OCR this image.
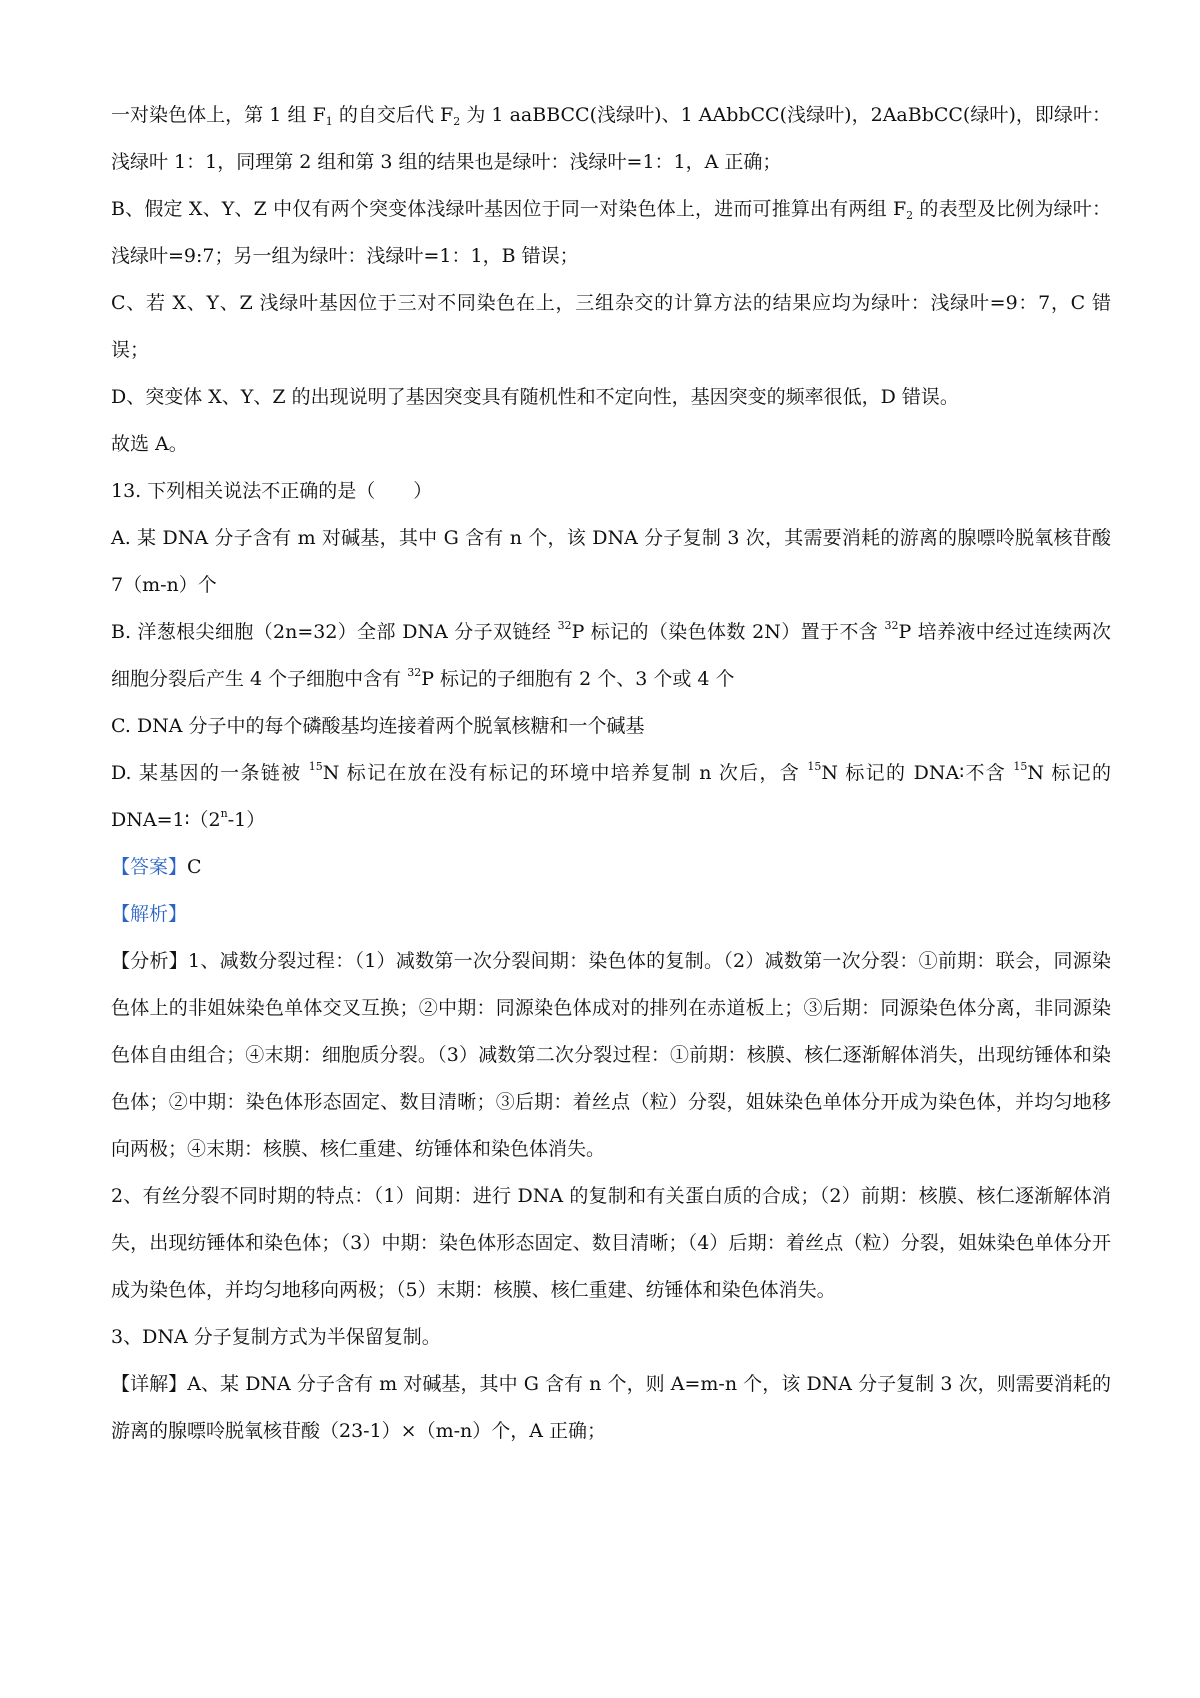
一对染色体上，第 1 组 $F_1$ 的自交后代 $F_2$ 为 1 aaBBCC(浅绿叶)、1 AAbbCC(浅绿叶)，2AaBbCC(绿叶)，即绿叶：浅绿叶 1：1，同理第 2 组和第 3 组的结果也是绿叶：浅绿叶=1：1，A 正确；

B、假定 X、Y、Z 中仅有两个突变体浅绿叶基因位于同一对染色体上，进而可推算出有两组 $F_2$ 的表型及比例为绿叶：浅绿叶=9:7；另一组为绿叶：浅绿叶=1：1，B 错误；

C、若 X、Y、Z 浅绿叶基因位于三对不同染色在上，三组杂交的计算方法的结果应均为绿叶：浅绿叶=9：7，C 错误；

D、突变体 X、Y、Z 的出现说明了基因突变具有随机性和不定向性，基因突变的频率很低，D 错误。

故选 A。

13. 下列相关说法不正确的是（　　）

A. 某 DNA 分子含有 m 对碱基，其中 G 含有 n 个，该 DNA 分子复制 3 次，其需要消耗的游离的腺嘌呤脱氧核苷酸 7（m-n）个

B. 洋葱根尖细胞（2n=32）全部 DNA 分子双链经 $^{32}$P 标记的（染色体数 2N）置于不含 $^{32}$P 培养液中经过连续两次细胞分裂后产生 4 个子细胞中含有 $^{32}$P 标记的子细胞有 2 个、3 个或 4 个

C. DNA 分子中的每个磷酸基均连接着两个脱氧核糖和一个碱基

D. 某基因的一条链被 $^{15}$N 标记在放在没有标记的环境中培养复制 n 次后，含 $^{15}$N 标记的 DNA∶不含 $^{15}$N 标记的 $DNA=1∶(2^n-1)$

【答案】C

【解析】

【分析】1、减数分裂过程：（1）减数第一次分裂间期：染色体的复制。（2）减数第一次分裂：①前期：联会，同源染色体上的非姐妹染色单体交叉互换；②中期：同源染色体成对的排列在赤道板上；③后期：同源染色体分离，非同源染色体自由组合；④末期：细胞质分裂。（3）减数第二次分裂过程：①前期：核膜、核仁逐渐解体消失，出现纺锤体和染色体；②中期：染色体形态固定、数目清晰；③后期：着丝点（粒）分裂，姐妹染色单体分开成为染色体，并均匀地移向两极；④末期：核膜、核仁重建、纺锤体和染色体消失。

2、有丝分裂不同时期的特点：（1）间期：进行 DNA 的复制和有关蛋白质的合成；（2）前期：核膜、核仁逐渐解体消失，出现纺锤体和染色体；（3）中期：染色体形态固定、数目清晰；（4）后期：着丝点（粒）分裂，姐妹染色单体分开成为染色体，并均匀地移向两极；（5）末期：核膜、核仁重建、纺锤体和染色体消失。

3、DNA 分子复制方式为半保留复制。

【详解】A、某 DNA 分子含有 m 对碱基，其中 G 含有 n 个，则 A=m-n 个，该 DNA 分子复制 3 次，则需要消耗的游离的腺嘌呤脱氧核苷酸（23-1）×（m-n）个，A 正确；
